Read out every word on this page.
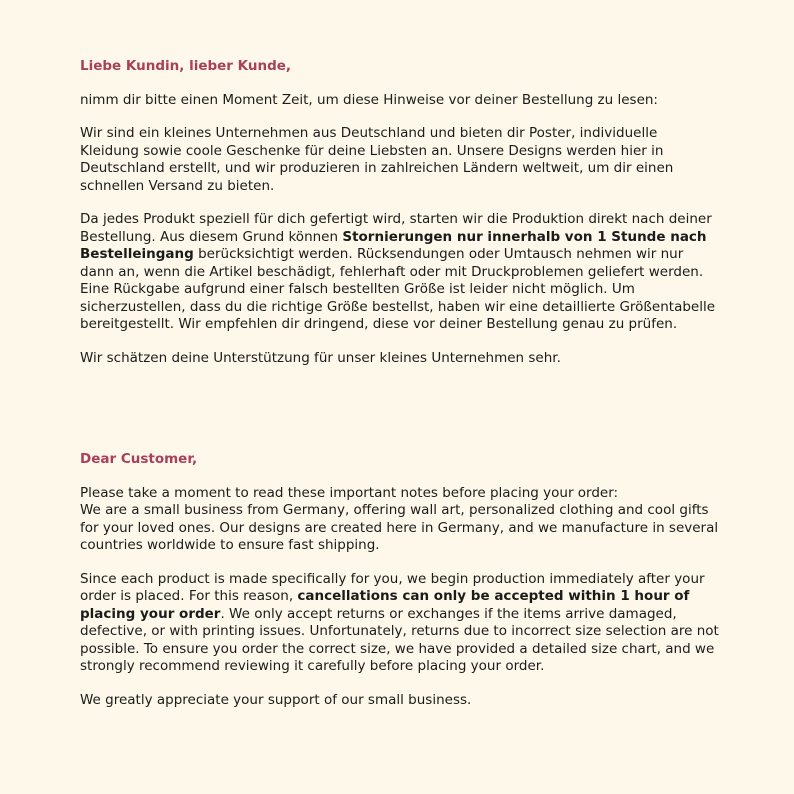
Liebe Kundin, lieber Kunde,

nimm dir bitte einen Moment Zeit, um diese Hinweise vor deiner Bestellung zu lesen:

Wir sind ein kleines Unternehmen aus Deutschland und bieten dir Poster, individuelle Kleidung sowie coole Geschenke für deine Liebsten an. Unsere Designs werden hier in Deutschland erstellt, und wir produzieren in zahlreichen Ländern weltweit, um dir einen schnellen Versand zu bieten.

Da jedes Produkt speziell für dich gefertigt wird, starten wir die Produktion direkt nach deiner Bestellung. Aus diesem Grund können Stornierungen nur innerhalb von 1 Stunde nach Bestelleingang berücksichtigt werden. Rücksendungen oder Umtausch nehmen wir nur dann an, wenn die Artikel beschädigt, fehlerhaft oder mit Druckproblemen geliefert werden. Eine Rückgabe aufgrund einer falsch bestellten Größe ist leider nicht möglich. Um sicherzustellen, dass du die richtige Größe bestellst, haben wir eine detaillierte Größentabelle bereitgestellt. Wir empfehlen dir dringend, diese vor deiner Bestellung genau zu prüfen.

Wir schätzen deine Unterstützung für unser kleines Unternehmen sehr.

Dear Customer,

Please take a moment to read these important notes before placing your order:

We are a small business from Germany, offering wall art, personalized clothing and cool gifts for your loved ones. Our designs are created here in Germany, and we manufacture in several countries worldwide to ensure fast shipping.

Since each product is made specifically for you, we begin production immediately after your order is placed. For this reason, cancellations can only be accepted within 1 hour of placing your order. We only accept returns or exchanges if the items arrive damaged, defective, or with printing issues. Unfortunately, returns due to incorrect size selection are not possible. To ensure you order the correct size, we have provided a detailed size chart, and we strongly recommend reviewing it carefully before placing your order.

We greatly appreciate your support of our small business.
